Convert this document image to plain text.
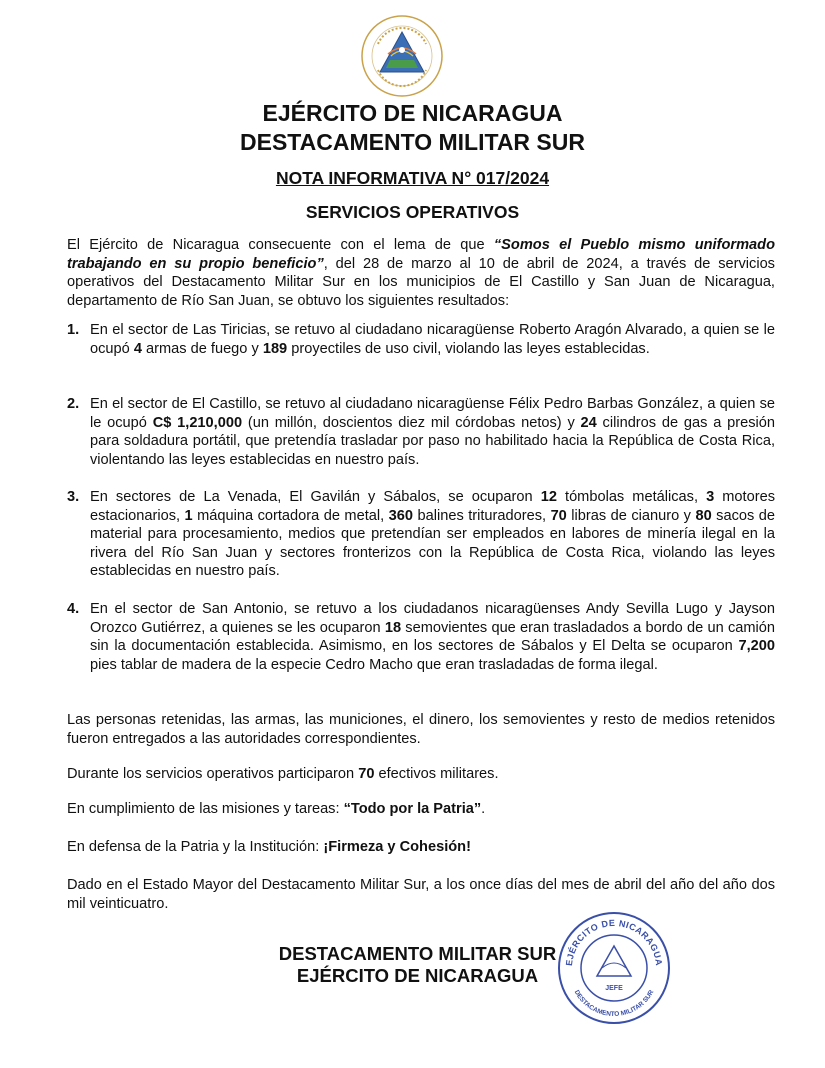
EJÉRCITO DE NICARAGUA
DESTACAMENTO MILITAR SUR
NOTA INFORMATIVA N° 017/2024
SERVICIOS OPERATIVOS
El Ejército de Nicaragua consecuente con el lema de que “Somos el Pueblo mismo uniformado trabajando en su propio beneficio”, del 28 de marzo al 10 de abril de 2024, a través de servicios operativos del Destacamento Militar Sur en los municipios de El Castillo y San Juan de Nicaragua, departamento de Río San Juan, se obtuvo los siguientes resultados:
1. En el sector de Las Tiricias, se retuvo al ciudadano nicaragüense Roberto Aragón Alvarado, a quien se le ocupó 4 armas de fuego y 189 proyectiles de uso civil, violando las leyes establecidas.
2. En el sector de El Castillo, se retuvo al ciudadano nicaragüense Félix Pedro Barbas González, a quien se le ocupó C$ 1,210,000 (un millón, doscientos diez mil córdobas netos) y 24 cilindros de gas a presión para soldadura portátil, que pretendía trasladar por paso no habilitado hacia la República de Costa Rica, violentando las leyes establecidas en nuestro país.
3. En sectores de La Venada, El Gavilán y Sábalos, se ocuparon 12 tómbolas metálicas, 3 motores estacionarios, 1 máquina cortadora de metal, 360 balines trituradores, 70 libras de cianuro y 80 sacos de material para procesamiento, medios que pretendían ser empleados en labores de minería ilegal en la rivera del Río San Juan y sectores fronterizos con la República de Costa Rica, violando las leyes establecidas en nuestro país.
4. En el sector de San Antonio, se retuvo a los ciudadanos nicaragüenses Andy Sevilla Lugo y Jayson Orozco Gutiérrez, a quienes se les ocuparon 18 semovientes que eran trasladados a bordo de un camión sin la documentación establecida. Asimismo, en los sectores de Sábalos y El Delta se ocuparon 7,200 pies tablar de madera de la especie Cedro Macho que eran trasladadas de forma ilegal.
Las personas retenidas, las armas, las municiones, el dinero, los semovientes y resto de medios retenidos fueron entregados a las autoridades correspondientes.
Durante los servicios operativos participaron 70 efectivos militares.
En cumplimiento de las misiones y tareas: “Todo por la Patria”.
En defensa de la Patria y la Institución: ¡Firmeza y Cohesión!
Dado en el Estado Mayor del Destacamento Militar Sur, a los once días del mes de abril del año del año dos mil veinticuatro.
DESTACAMENTO MILITAR SUR
EJÉRCITO DE NICARAGUA
EJÉRCITO DE NICARAGUA
DESTACAMENTO MILITAR SUR
JEFE
